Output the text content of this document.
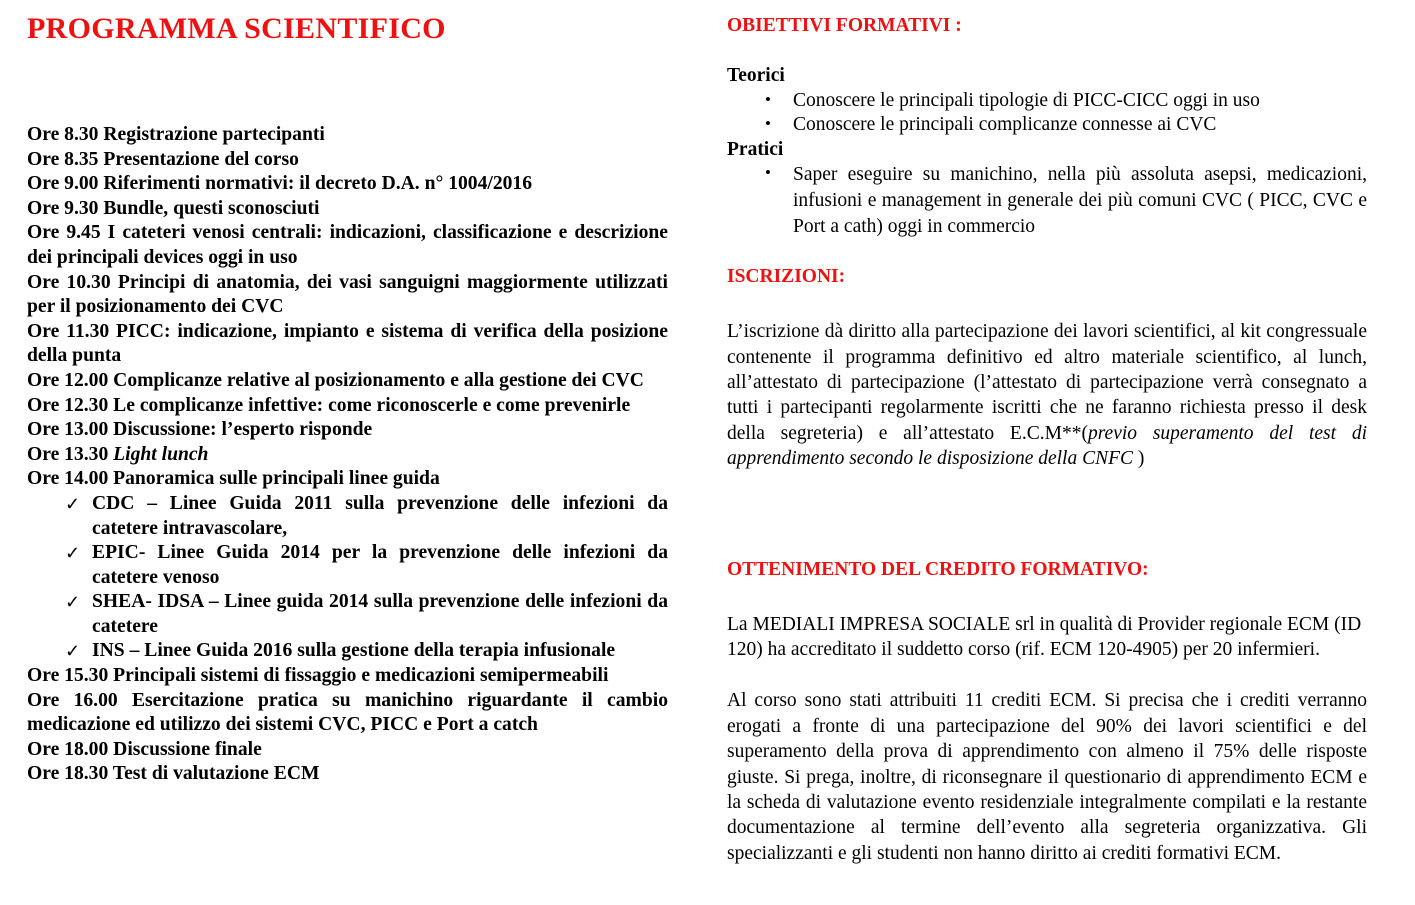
PROGRAMMA SCIENTIFICO

Ore 8.30 Registrazione partecipanti

Ore 8.35 Presentazione del corso

Ore 9.00 Riferimenti normativi: il decreto D.A. n° 1004/2016

Ore 9.30 Bundle, questi sconosciuti

Ore 9.45 I cateteri venosi centrali: indicazioni, classificazione e descrizione dei principali devices oggi in uso

Ore 10.30 Principi di anatomia, dei vasi sanguigni maggiormente utilizzati per il posizionamento dei CVC

Ore 11.30 PICC: indicazione, impianto e sistema di verifica della posizione della punta

Ore 12.00 Complicanze relative al posizionamento e alla gestione dei CVC

Ore 12.30 Le complicanze infettive: come riconoscerle e come prevenirle

Ore 13.00 Discussione: l’esperto risponde

Ore 13.30 Light lunch

Ore 14.00 Panoramica sulle principali linee guida

✓ CDC – Linee Guida 2011 sulla prevenzione delle infezioni da catetere intravascolare,
✓ EPIC- Linee Guida 2014 per la prevenzione delle infezioni da catetere venoso
✓ SHEA- IDSA – Linee guida 2014 sulla prevenzione delle infezioni da catetere
✓ INS – Linee Guida 2016 sulla gestione della terapia infusionale

Ore 15.30 Principali sistemi di fissaggio e medicazioni semipermeabili

Ore 16.00 Esercitazione pratica su manichino riguardante il cambio medicazione ed utilizzo dei sistemi CVC, PICC e Port a catch

Ore 18.00 Discussione finale

Ore 18.30 Test di valutazione ECM

OBIETTIVI FORMATIVI :

Teorici

• Conoscere le principali tipologie di PICC-CICC oggi in uso
• Conoscere le principali complicanze connesse ai CVC

Pratici

• Saper eseguire su manichino, nella più assoluta asepsi, medicazioni, infusioni e management in generale dei più comuni CVC ( PICC, CVC e Port a cath) oggi in commercio
ISCRIZIONI:

L’iscrizione dà diritto alla partecipazione dei lavori scientifici, al kit congressuale contenente il programma definitivo ed altro materiale scientifico, al lunch, all’attestato di partecipazione (l’attestato di partecipazione verrà consegnato a tutti i partecipanti regolarmente iscritti che ne faranno richiesta presso il desk della segreteria) e all’attestato E.C.M**(previo superamento del test di apprendimento secondo le disposizione della CNFC )

OTTENIMENTO DEL CREDITO FORMATIVO:

La MEDIALI IMPRESA SOCIALE srl in qualità di Provider regionale ECM (ID 120) ha accreditato il suddetto corso (rif. ECM 120-4905) per 20 infermieri.

Al corso sono stati attribuiti 11 crediti ECM. Si precisa che i crediti verranno erogati a fronte di una partecipazione del 90% dei lavori scientifici e del superamento della prova di apprendimento con almeno il 75% delle risposte giuste. Si prega, inoltre, di riconsegnare il questionario di apprendimento ECM e la scheda di valutazione evento residenziale integralmente compilati e la restante documentazione al termine dell’evento alla segreteria organizzativa. Gli specializzanti e gli studenti non hanno diritto ai crediti formativi ECM.
